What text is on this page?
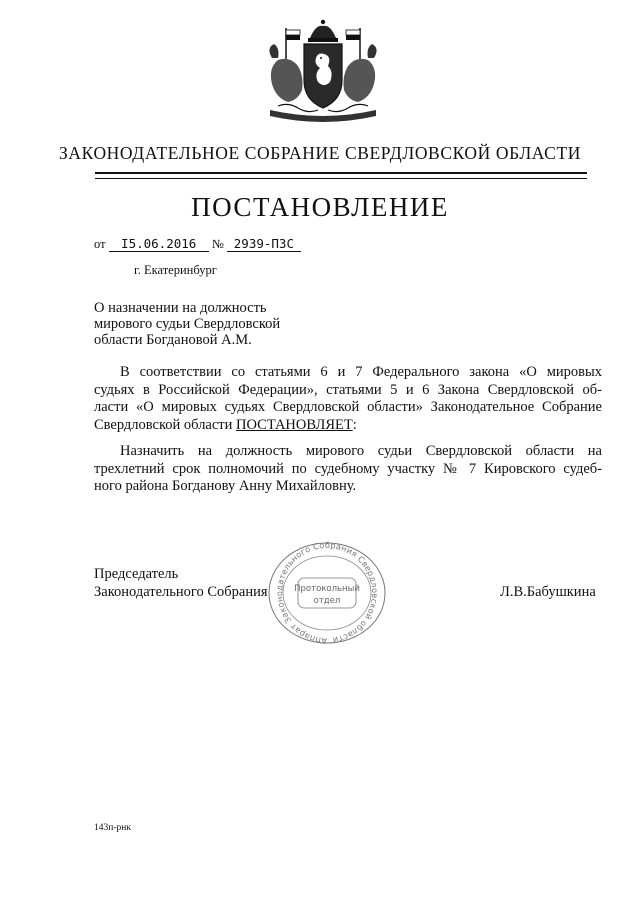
ЗАКОНОДАТЕЛЬНОЕ СОБРАНИЕ СВЕРДЛОВСКОЙ ОБЛАСТИ
ПОСТАНОВЛЕНИЕ
от I5.06.2016 № 2939-ПЗС
г. Екатеринбург
О назначении на должность
мирового судьи Свердловской
области Богдановой А.М.
В соответствии со статьями 6 и 7 Федерального закона «О мировых
судьях в Российской Федерации», статьями 5 и 6 Закона Свердловской об-
ласти «О мировых судьях Свердловской области» Законодательное Собрание
Свердловской области ПОСТАНОВЛЯЕТ:
Назначить на должность мирового судьи Свердловской области на
трехлетний срок полномочий по судебному участку № 7 Кировского судеб-
ного района Богданову Анну Михайловну.
Аппарат Законодательного Собрания Свердловской области
Протокольный
отдел
Председатель
Законодательного Собрания	Л.В.Бабушкина
143п-рнк
